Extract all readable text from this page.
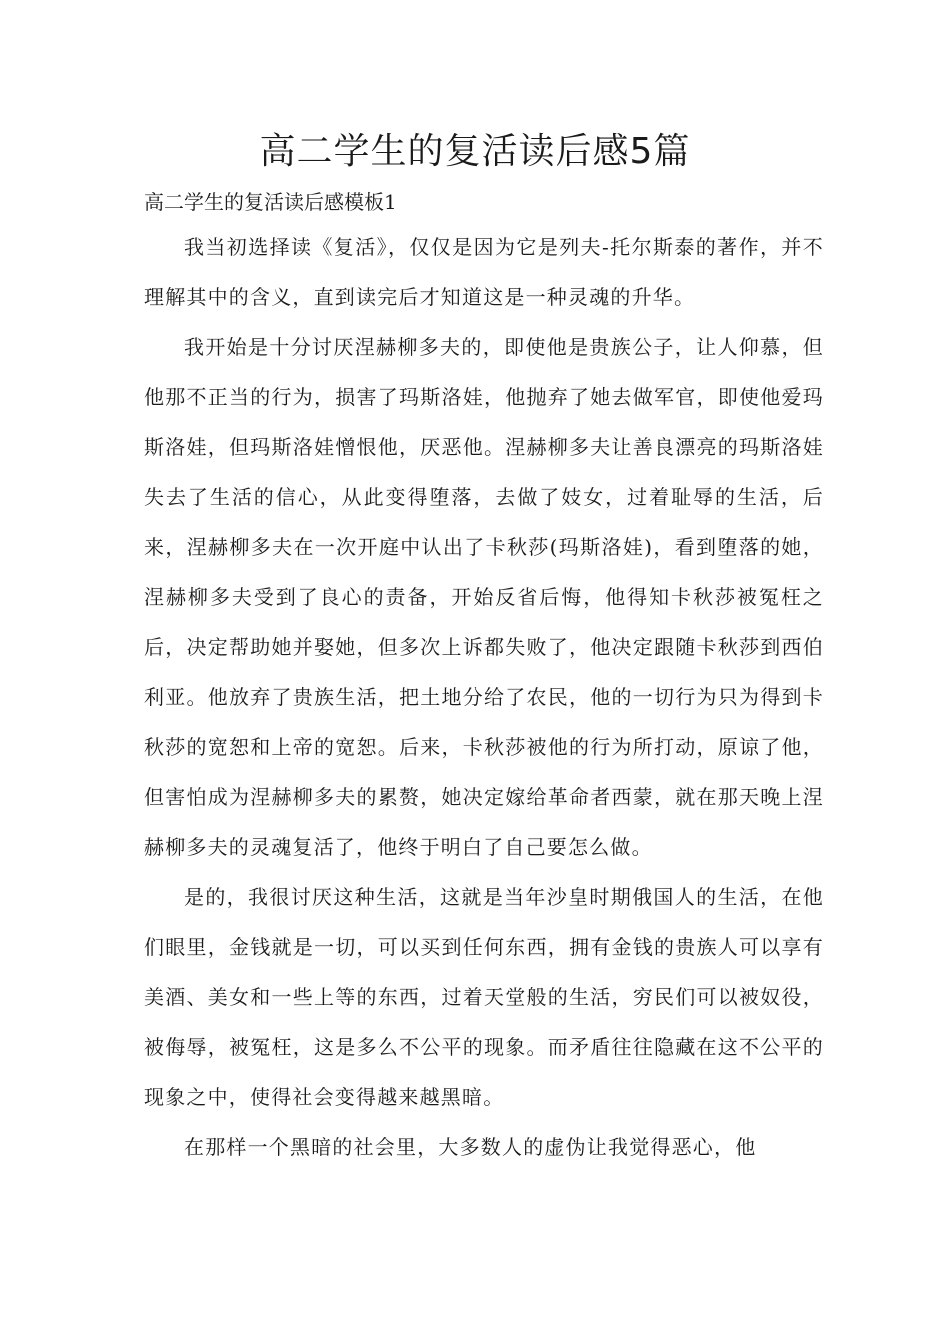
高二学生的复活读后感5篇

高二学生的复活读后感模板1

我当初选择读《复活》，仅仅是因为它是列夫-托尔斯泰的著作，并不理解其中的含义，直到读完后才知道这是一种灵魂的升华。

我开始是十分讨厌涅赫柳多夫的，即使他是贵族公子，让人仰慕，但他那不正当的行为，损害了玛斯洛娃，他抛弃了她去做军官，即使他爱玛斯洛娃，但玛斯洛娃憎恨他，厌恶他。涅赫柳多夫让善良漂亮的玛斯洛娃失去了生活的信心，从此变得堕落，去做了妓女，过着耻辱的生活，后来，涅赫柳多夫在一次开庭中认出了卡秋莎(玛斯洛娃)，看到堕落的她，涅赫柳多夫受到了良心的责备，开始反省后悔，他得知卡秋莎被冤枉之后，决定帮助她并娶她，但多次上诉都失败了，他决定跟随卡秋莎到西伯利亚。他放弃了贵族生活，把土地分给了农民，他的一切行为只为得到卡秋莎的宽恕和上帝的宽恕。后来，卡秋莎被他的行为所打动，原谅了他，但害怕成为涅赫柳多夫的累赘，她决定嫁给革命者西蒙，就在那天晚上涅赫柳多夫的灵魂复活了，他终于明白了自己要怎么做。

是的，我很讨厌这种生活，这就是当年沙皇时期俄国人的生活，在他们眼里，金钱就是一切，可以买到任何东西，拥有金钱的贵族人可以享有美酒、美女和一些上等的东西，过着天堂般的生活，穷民们可以被奴役，被侮辱，被冤枉，这是多么不公平的现象。而矛盾往往隐藏在这不公平的现象之中，使得社会变得越来越黑暗。

在那样一个黑暗的社会里，大多数人的虚伪让我觉得恶心，他
